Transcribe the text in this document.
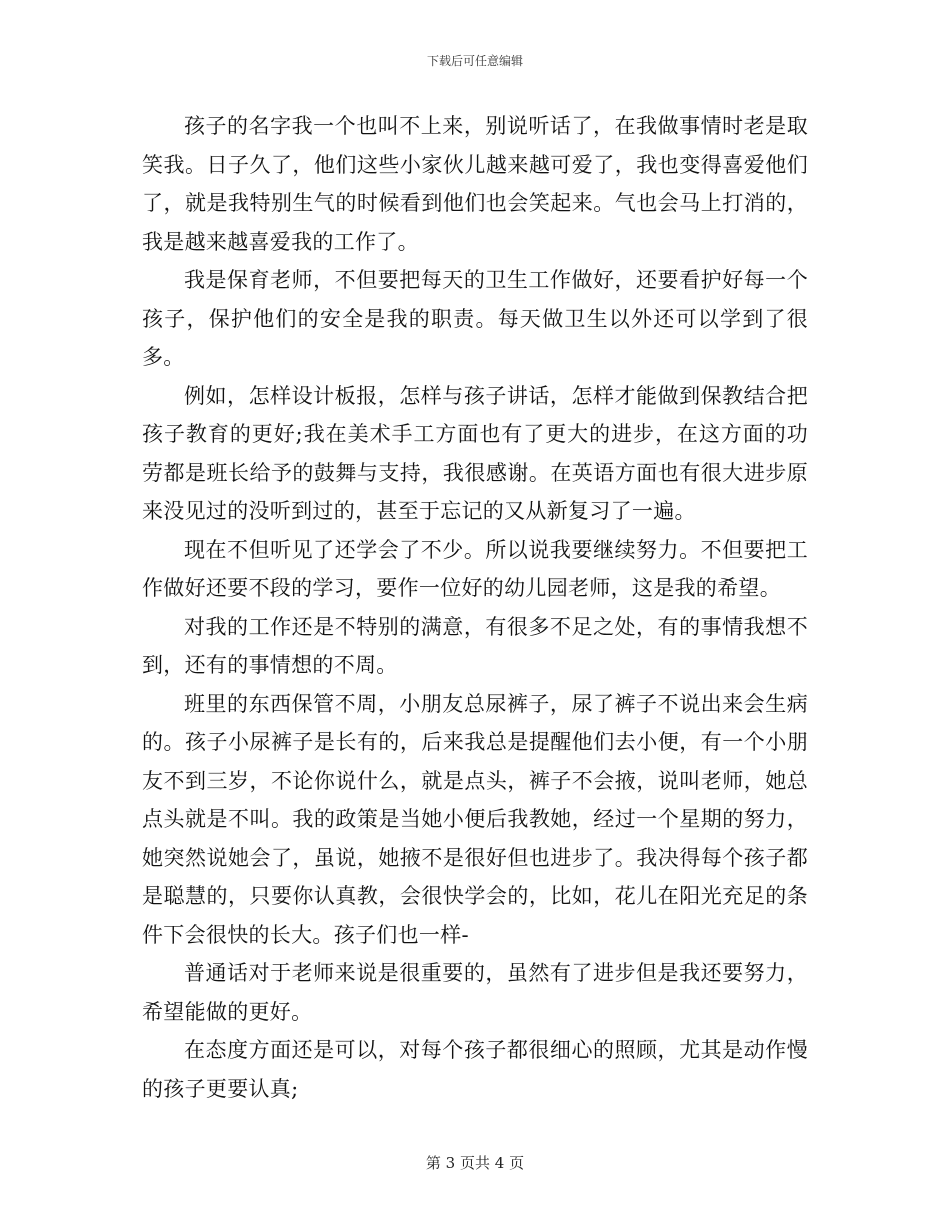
下载后可任意编辑

孩子的名字我一个也叫不上来，别说听话了，在我做事情时老是取笑我。日子久了，他们这些小家伙儿越来越可爱了，我也变得喜爱他们了，就是我特别生气的时候看到他们也会笑起来。气也会马上打消的，我是越来越喜爱我的工作了。

我是保育老师，不但要把每天的卫生工作做好，还要看护好每一个孩子，保护他们的安全是我的职责。每天做卫生以外还可以学到了很多。

例如，怎样设计板报，怎样与孩子讲话，怎样才能做到保教结合把孩子教育的更好;我在美术手工方面也有了更大的进步，在这方面的功劳都是班长给予的鼓舞与支持，我很感谢。在英语方面也有很大进步原来没见过的没听到过的，甚至于忘记的又从新复习了一遍。

现在不但听见了还学会了不少。所以说我要继续努力。不但要把工作做好还要不段的学习，要作一位好的幼儿园老师，这是我的希望。

对我的工作还是不特别的满意，有很多不足之处，有的事情我想不到，还有的事情想的不周。

班里的东西保管不周，小朋友总尿裤子，尿了裤子不说出来会生病的。孩子小尿裤子是长有的，后来我总是提醒他们去小便，有一个小朋友不到三岁，不论你说什么，就是点头，裤子不会掖，说叫老师，她总点头就是不叫。我的政策是当她小便后我教她，经过一个星期的努力，她突然说她会了，虽说，她掖不是很好但也进步了。我决得每个孩子都是聪慧的，只要你认真教，会很快学会的，比如，花儿在阳光充足的条件下会很快的长大。孩子们也一样-

普通话对于老师来说是很重要的，虽然有了进步但是我还要努力，希望能做的更好。

在态度方面还是可以，对每个孩子都很细心的照顾，尤其是动作慢的孩子更要认真;

第 3 页共 4 页
